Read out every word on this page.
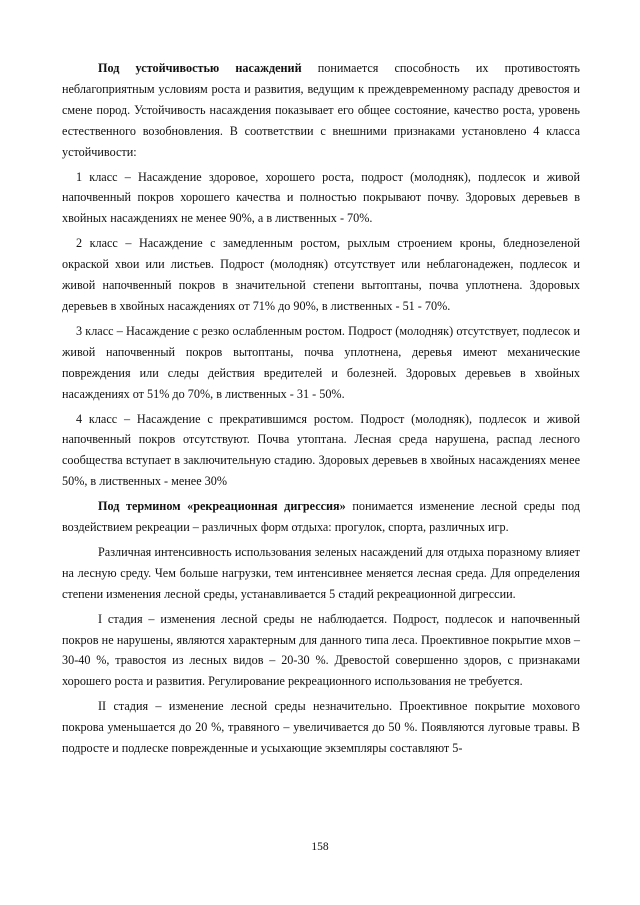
Под устойчивостью насаждений понимается способность их противостоять неблагоприятным условиям роста и развития, ведущим к преждевременному распаду древостоя и смене пород. Устойчивость насаждения показывает его общее состояние, качество роста, уровень естественного возобновления. В соответствии с внешними признаками установлено 4 класса устойчивости:

1 класс – Насаждение здоровое, хорошего роста, подрост (молодняк), подлесок и живой напочвенный покров хорошего качества и полностью покрывают почву. Здоровых деревьев в хвойных насаждениях не менее 90%, а в лиственных - 70%.

2 класс – Насаждение с замедленным ростом, рыхлым строением кроны, бледнозеленой окраской хвои или листьев. Подрост (молодняк) отсутствует или неблагонадежен, подлесок и живой напочвенный покров в значительной степени вытоптаны, почва уплотнена. Здоровых деревьев в хвойных насаждениях от 71% до 90%, в лиственных - 51 - 70%.

3 класс – Насаждение с резко ослабленным ростом. Подрост (молодняк) отсутствует, подлесок и живой напочвенный покров вытоптаны, почва уплотнена, деревья имеют механические повреждения или следы действия вредителей и болезней. Здоровых деревьев в хвойных насаждениях от 51% до 70%, в лиственных - 31 - 50%.

4 класс – Насаждение с прекратившимся ростом. Подрост (молодняк), подлесок и живой напочвенный покров отсутствуют. Почва утоптана. Лесная среда нарушена, распад лесного сообщества вступает в заключительную стадию. Здоровых деревьев в хвойных насаждениях менее 50%, в лиственных - менее 30%

Под термином «рекреационная дигрессия» понимается изменение лесной среды под воздействием рекреации – различных форм отдыха: прогулок, спорта, различных игр.

Различная интенсивность использования зеленых насаждений для отдыха поразному влияет на лесную среду. Чем больше нагрузки, тем интенсивнее меняется лесная среда. Для определения степени изменения лесной среды, устанавливается 5 стадий рекреационной дигрессии.

I стадия – изменения лесной среды не наблюдается. Подрост, подлесок и напочвенный покров не нарушены, являются характерным для данного типа леса. Проективное покрытие мхов – 30-40 %, травостоя из лесных видов – 20-30 %. Древостой совершенно здоров, с признаками хорошего роста и развития. Регулирование рекреационного использования не требуется.

II стадия – изменение лесной среды незначительно. Проективное покрытие мохового покрова уменьшается до 20 %, травяного – увеличивается до 50 %. Появляются луговые травы. В подросте и подлеске поврежденные и усыхающие экземпляры составляют 5-

158
